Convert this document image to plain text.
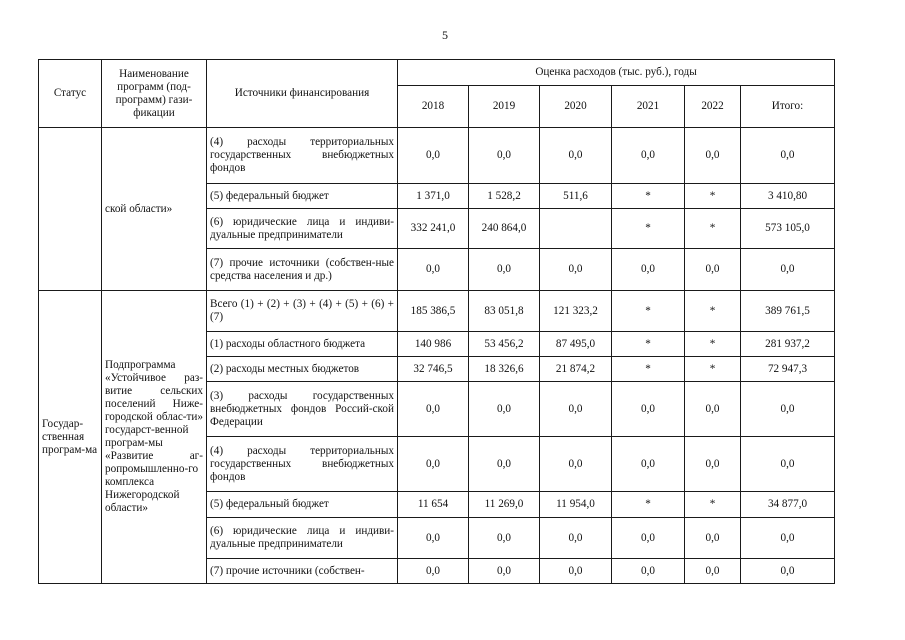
5
Статус	Наименование программ (под-программ) гази-фикации	Источники финансирования	Оценка расходов (тыс. руб.), годы					
			2018	2019	2020	2021	2022	Итого:
	ской области»	(4) расходы территориальных государственных внебюджетных фондов	0,0	0,0	0,0	0,0	0,0	0,0
		(5) федеральный бюджет	1 371,0	1 528,2	511,6	*	*	3 410,80
		(6) юридические лица и индиви-дуальные предприниматели	332 241,0	240 864,0		*	*	573 105,0
		(7) прочие источники (собствен-ные средства населения и др.)	0,0	0,0	0,0	0,0	0,0	0,0
Государ-ственная програм-ма	Подпрограмма «Устойчивое раз-витие сельских поселений Ниже-городской облас-ти» государст-венной програм-мы «Развитие аг-ропромышленно-го комплекса Нижегородской области»	Всего (1) + (2) + (3) + (4) + (5) + (6) + (7)	185 386,5	83 051,8	121 323,2	*	*	389 761,5
		(1) расходы областного бюджета	140 986	53 456,2	87 495,0	*	*	281 937,2
		(2) расходы местных бюджетов	32 746,5	18 326,6	21 874,2	*	*	72 947,3
		(3) расходы государственных внебюджетных фондов Россий-ской Федерации	0,0	0,0	0,0	0,0	0,0	0,0
		(4) расходы территориальных государственных внебюджетных фондов	0,0	0,0	0,0	0,0	0,0	0,0
		(5) федеральный бюджет	11 654	11 269,0	11 954,0	*	*	34 877,0
		(6) юридические лица и индиви-дуальные предприниматели	0,0	0,0	0,0	0,0	0,0	0,0
		(7) прочие источники (собствен-	0,0	0,0	0,0	0,0	0,0	0,0
